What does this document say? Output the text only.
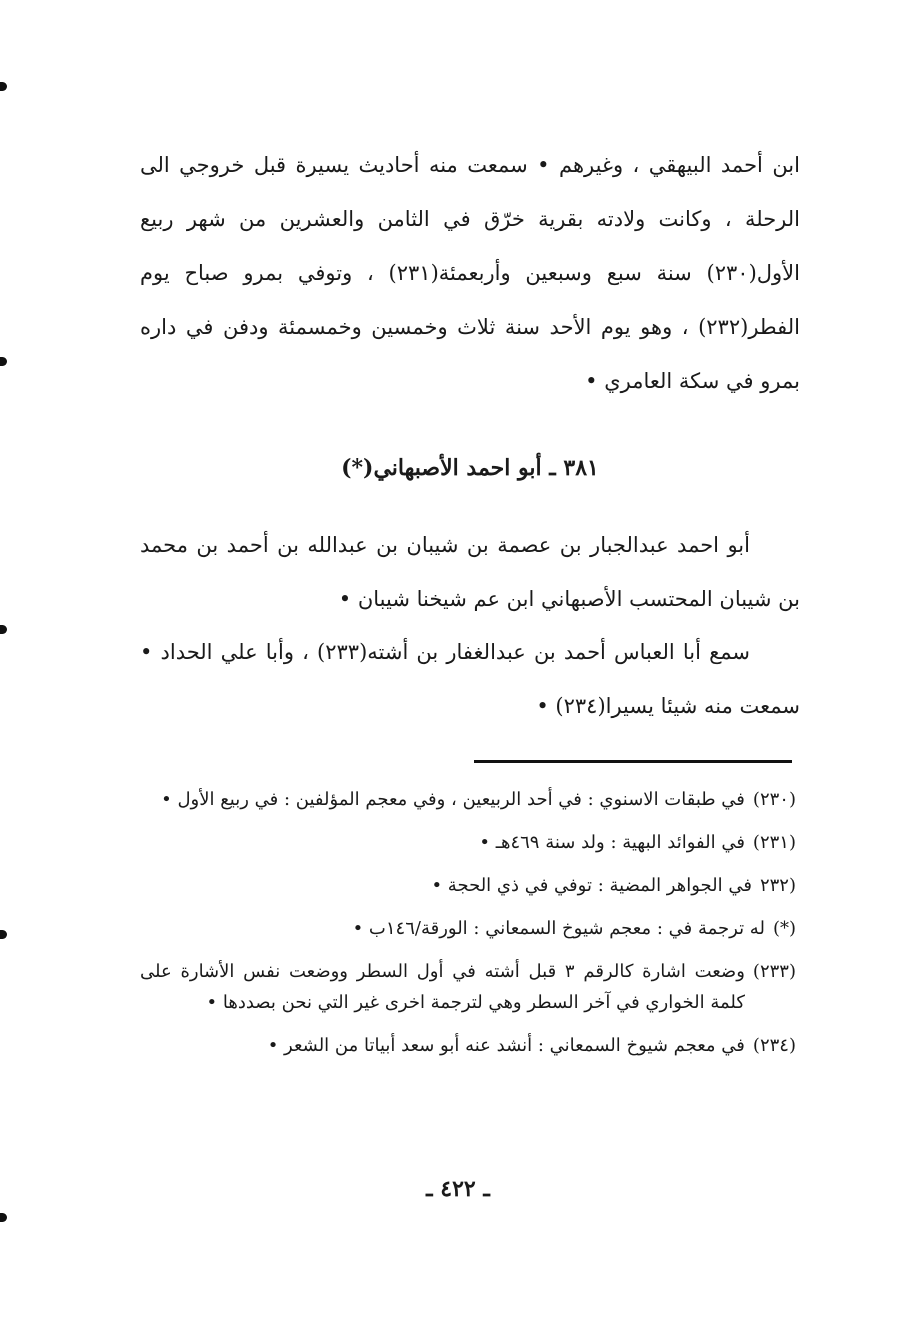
ابن أحمد البيهقي ، وغيرهم • سمعت منه أحاديث يسيرة قبل خروجي الى الرحلة ، وكانت ولادته بقرية خرّق في الثامن والعشرين من شهر ربيع الأول(٢٣٠) سنة سبع وسبعين وأربعمئة(٢٣١) ، وتوفي بمرو صباح يوم الفطر(٢٣٢) ، وهو يوم الأحد سنة ثلاث وخمسين وخمسمئة ودفن في داره بمرو في سكة العامري •

٣٨١ ـ أبو احمد الأصبهاني(*)

أبو احمد عبدالجبار بن عصمة بن شيبان بن عبدالله بن أحمد بن محمد بن شيبان المحتسب الأصبهاني ابن عم شيخنا شيبان •

سمع أبا العباس أحمد بن عبدالغفار بن أشته(٢٣٣) ، وأبا علي الحداد • سمعت منه شيئا يسيرا(٢٣٤) •

(٢٣٠)
في طبقات الاسنوي : في أحد الربيعين ، وفي معجم المؤلفين : في ربيع الأول •
(٢٣١)
في الفوائد البهية : ولد سنة ٤٦٩هـ •
(٢٣٢
في الجواهر المضية : توفي في ذي الحجة •
(*)
له ترجمة في : معجم شيوخ السمعاني : الورقة/١٤٦ب •
(٢٣٣)
وضعت اشارة كالرقم ٣ قبل أشته في أول السطر ووضعت نفس الأشارة على كلمة الخواري في آخر السطر وهي لترجمة اخرى غير التي نحن بصددها •
(٢٣٤)
في معجم شيوخ السمعاني : أنشد عنه أبو سعد أبياتا من الشعر •
ـ ٤٢٢ ـ
